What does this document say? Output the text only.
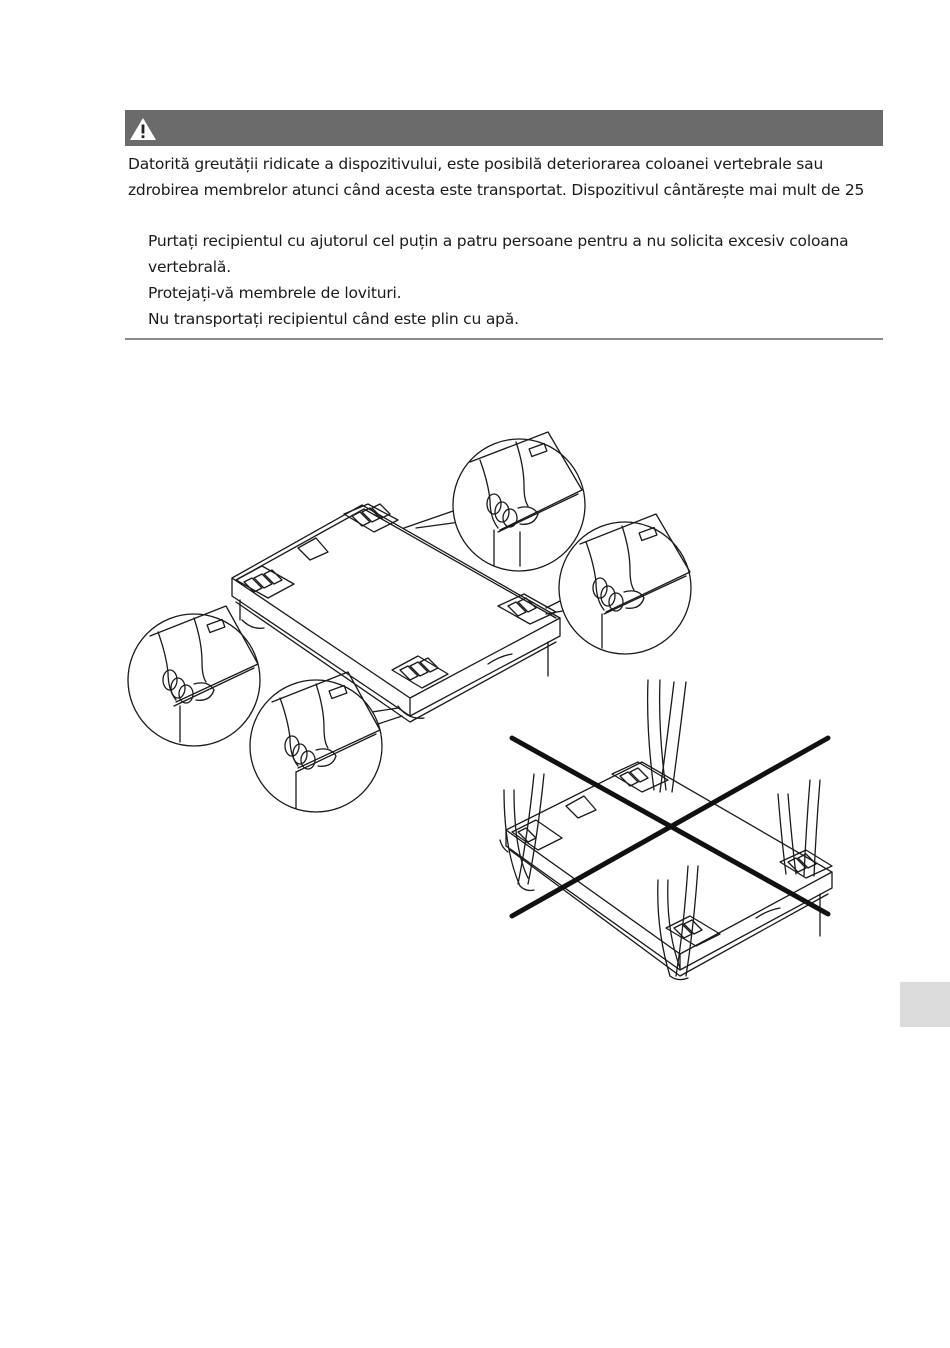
Datorită greutății ridicate a dispozitivului, este posibilă deteriorarea coloanei vertebrale sau

zdrobirea membrelor atunci când acesta este transportat. Dispozitivul cântărește mai mult de 25

Purtați recipientul cu ajutorul cel puțin a patru persoane pentru a nu solicita excesiv coloana vertebrală.

Protejați-vă membrele de lovituri.

Nu transportați recipientul când este plin cu apă.
